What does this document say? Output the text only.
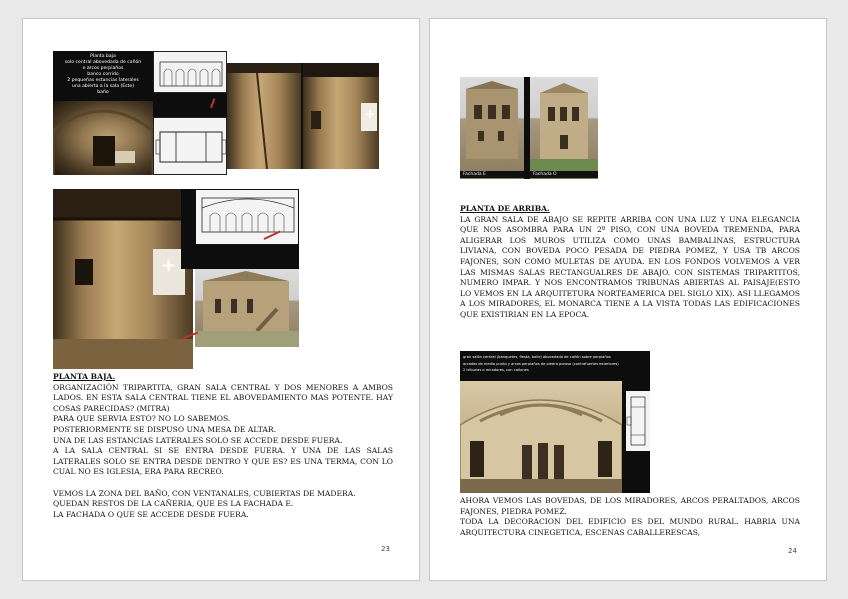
Planta baja
solo central abovedada de cañón
e arcos perpiaños
banco corrido
2 pequeñas estancias laterales
una abierta a la sala (Este)
baño
+
+

PLANTA BAJA.

ORGANIZACIÓN TRIPARTITA, GRAN SALA CENTRAL Y DOS MENORES A AMBOS LADOS. EN ESTA SALA CENTRAL TIENE EL ABOVEDAMIENTO MAS POTENTE. HAY COSAS PARECIDAS? (MITRA)

PARA QUE SERVIA ESTO? NO LO SABEMOS.

POSTERIORMENTE SE DISPUSO UNA MESA DE ALTAR.

UNA DE LAS ESTANCIAS LATERALES SOLO SE ACCEDE DESDE FUERA.

A LA SALA CENTRAL SI SE ENTRA DESDE FUERA. Y UNA DE LAS SALAS LATERALES SOLO SE ENTRA DESDE DENTRO Y QUE ES? ES UNA TERMA, CON LO CUAL NO ES IGLESIA, ERA PARA RECREO.

VEMOS LA ZONA DEL BAÑO, CON VENTANALES, CUBIERTAS DE MADERA.

QUEDAN RESTOS DE LA CAÑERIA, QUE ES LA FACHADA E.

LA FACHADA O QUE SE ACCEDE DESDE FUERA.

23
Fachada E	Fachada O

PLANTA DE ARRIBA.

LA GRAN SALA DE ABAJO SE REPITE ARRIBA CON UNA LUZ Y UNA ELEGANCIA QUE NOS ASOMBRA PARA UN 2º PISO, CON UNA BOVEDA TREMENDA, PARA ALIGERAR LOS MUROS UTILIZA COMO UNAS BAMBALINAS, ESTRUCTURA LIVIANA, CON BOVEDA POCO PESADA DE PIEDRA POMEZ, Y USA TB ARCOS FAJONES, SON COMO MULETAS DE AYUDA. EN LOS FONDOS VOLVEMOS A VER LAS MISMAS SALAS RECTANGUALRES DE ABAJO. CON SISTEMAS TRIPARTITOS, NUMERO IMPAR. Y NOS ENCONTRAMOS TRIBUNAS ABIERTAS AL PAISAJE(ESTO LO VEMOS EN LA ARQUITETURA NORTEAMERICA DEL SIGLO XIX). ASI LLEGAMOS A LOS MIRADORES, EL MONARCA TIENE A LA VISTA TODAS LAS EDIFICACIONES QUE EXISTIRIAN EN LA EPOCA.

gran salón central (banquetes, fiesta, baile) abovedado de cañón sobre perpiaños
arcadas de medio punto y arcos perpiaños de piedra porosa (contrafuertes exteriores)
2 tribunas o miradores, con cañones

AHORA VEMOS LAS BOVEDAS, DE LOS MIRADORES, ARCOS PERALTADOS, ARCOS FAJONES, PIEDRA POMEZ.

TODA LA DECORACION DEL EDIFICIO ES DEL MUNDO RURAL. HABRIA UNA ARQUITECTURA CINEGETICA, ESCENAS CABALLERESCAS,

24
